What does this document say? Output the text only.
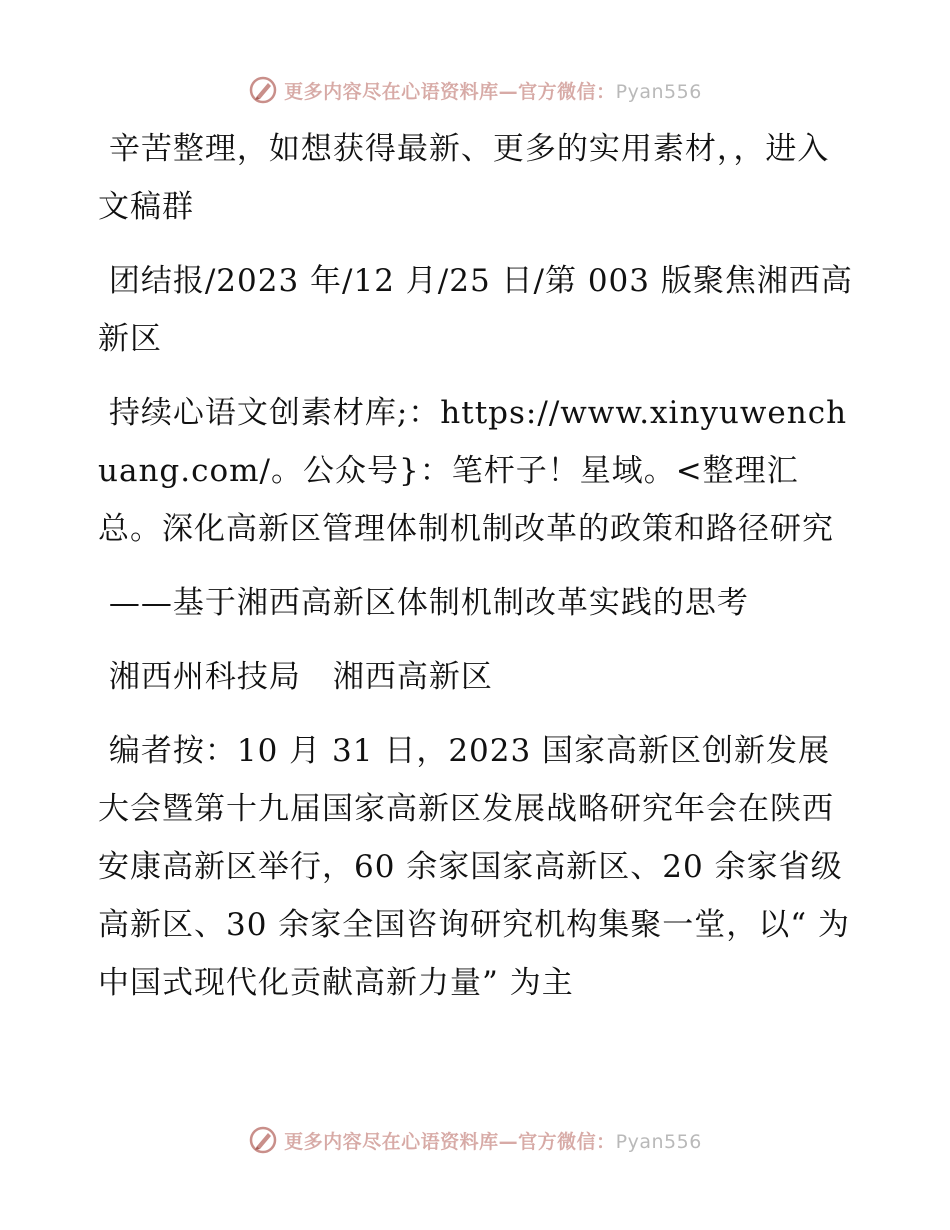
更多内容尽在心语资料库—官方微信：Pyan556

辛苦整理，如想获得最新、更多的实用素材，，进入文稿群

团结报/2023 年/12 月/25 日/第 003 版聚焦湘西高新区

持续心语文创素材库;：https://www.xinyuwenchuang.com/。公众号}：笔杆子！星域。<整理汇总。深化高新区管理体制机制改革的政策和路径研究

——基于湘西高新区体制机制改革实践的思考

湘西州科技局　湘西高新区

编者按：10 月 31 日，2023 国家高新区创新发展大会暨第十九届国家高新区发展战略研究年会在陕西安康高新区举行，60 余家国家高新区、20 余家省级高新区、30 余家全国咨询研究机构集聚一堂，以“ 为中国式现代化贡献高新力量” 为主

更多内容尽在心语资料库—官方微信：Pyan556
